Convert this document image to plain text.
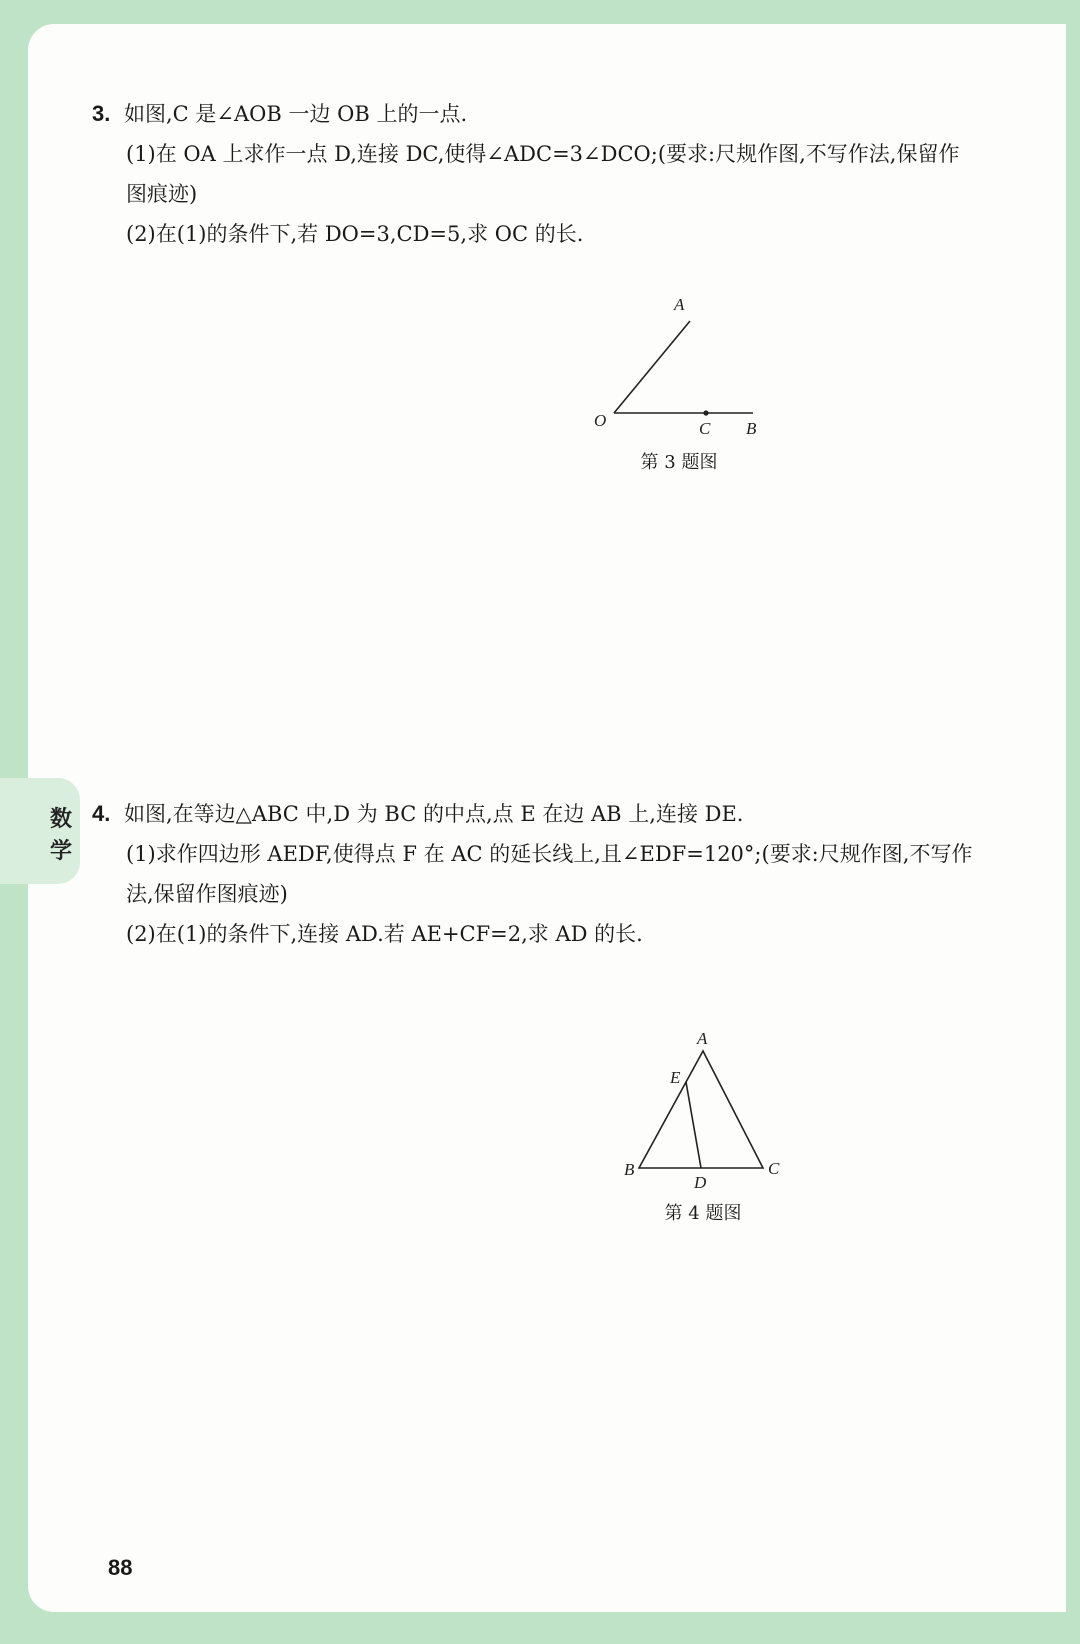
数
学
3. 如图,C 是∠AOB 一边 OB 上的一点.
(1)在 OA 上求作一点 D,连接 DC,使得∠ADC=3∠DCO;(要求:尺规作图,不写作法,保留作
图痕迹)
(2)在(1)的条件下,若 DO=3,CD=5,求 OC 的长.
A
O	C B
第 3 题图
4. 如图,在等边△ABC 中,D 为 BC 的中点,点 E 在边 AB 上,连接 DE.
(1)求作四边形 AEDF,使得点 F 在 AC 的延长线上,且∠EDF=120°;(要求:尺规作图,不写作
法,保留作图痕迹)
(2)在(1)的条件下,连接 AD.若 AE+CF=2,求 AD 的长.
A
E
B
D
C
第 4 题图
88
